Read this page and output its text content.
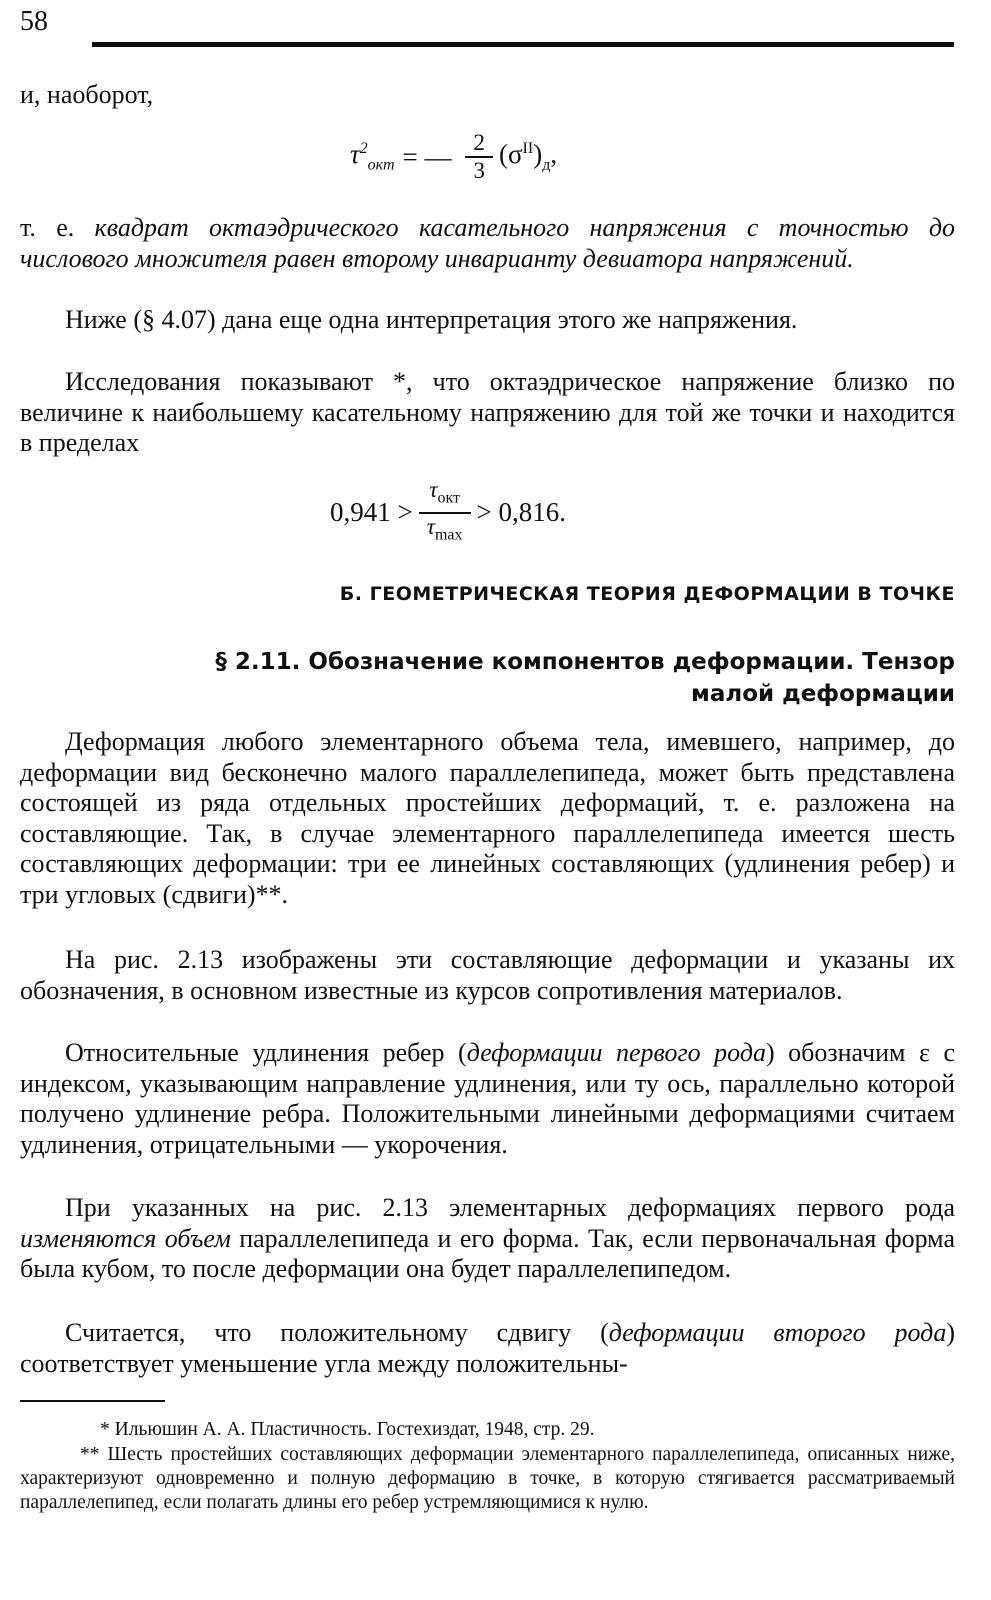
58

и, наоборот,

$\tau^2_{окт}$ = — $\frac{2}{3} (\sigma^{II})_д$,

т. е. квадрат октаэдрического касательного напряжения с точностью до числового множителя равен второму инварианту девиатора напряжений.

Ниже (§ 4.07) дана еще одна интерпретация этого же напряжения.

Исследования показывают *, что октаэдрическое напряжение близко по величине к наибольшему касательному напряжению для той же точки и находится в пределах

$0,941 > \frac{\tau_{окт}}{\tau_{max}} > 0,816$.

Б. ГЕОМЕТРИЧЕСКАЯ ТЕОРИЯ ДЕФОРМАЦИИ В ТОЧКЕ

§ 2.11. Обозначение компонентов деформации. Тензор малой деформации

Деформация любого элементарного объема тела, имевшего, например, до деформации вид бесконечно малого параллелепипеда, может быть представлена состоящей из ряда отдельных простейших деформаций, т. е. разложена на составляющие. Так, в случае элементарного параллелепипеда имеется шесть составляющих деформации: три ее линейных составляющих (удлинения ребер) и три угловых (сдвиги)**.

На рис. 2.13 изображены эти составляющие деформации и указаны их обозначения, в основном известные из курсов сопротивления материалов.

Относительные удлинения ребер (деформации первого рода) обозначим ε с индексом, указывающим направление удлинения, или ту ось, параллельно которой получено удлинение ребра. Положительными линейными деформациями считаем удлинения, отрицательными — укорочения.

При указанных на рис. 2.13 элементарных деформациях первого рода изменяются объем параллелепипеда и его форма. Так, если первоначальная форма была кубом, то после деформации она будет параллелепипедом.

Считается, что положительному сдвигу (деформации второго рода) соответствует уменьшение угла между положительны-

* Ильюшин А. А. Пластичность. Гостехиздат, 1948, стр. 29.

** Шесть простейших составляющих деформации элементарного параллелепипеда, описанных ниже, характеризуют одновременно и полную деформацию в точке, в которую стягивается рассматриваемый параллелепипед, если полагать длины его ребер устремляющимися к нулю.
